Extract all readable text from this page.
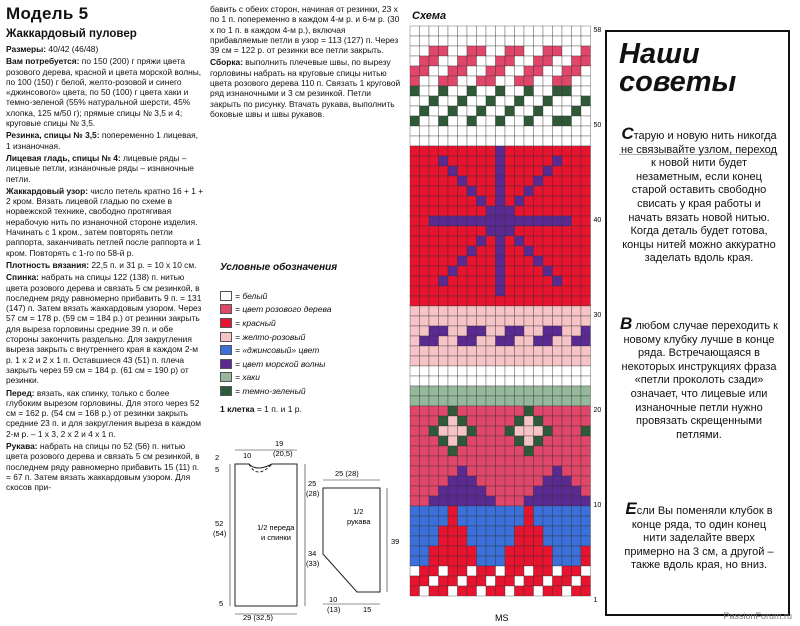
Модель 5
Жаккардовый пуловер

Размеры: 40/42 (46/48)

Вам потребуется: по 150 (200) г пряжи цвета розового дерева, красной и цвета морской волны, по 100 (150) г белой, желто-розовой и синего «джинсового» цвета, по 50 (100) г цвета хаки и темно-зеленой (55% натуральной шерсти, 45% хлопка, 125 м/50 г); прямые спицы № 3,5 и 4; круговые спицы № 3,5.

Резинка, спицы № 3,5: попеременно 1 лицевая, 1 изнаночная.

Лицевая гладь, спицы № 4: лицевые ряды – лицевые петли, изнаночные ряды – изнаночные петли.

Жаккардовый узор: число петель кратно 16 + 1 + 2 кром. Вязать лицевой гладью по схеме в норвежской технике, свободно протягивая нерабочую нить по изнаночной стороне изделия. Начинать с 1 кром., затем повторять петли раппорта, заканчивать петлей после раппорта и 1 кром. Повторять с 1-го по 58-й р.

Плотность вязания: 22,5 п. и 31 р. = 10 х 10 см.

Спинка: набрать на спицы 122 (138) п. нитью цвета розового дерева и связать 5 см резинкой, в последнем ряду равномерно прибавить 9 п. = 131 (147) п. Затем вязать жаккардовым узором. Через 57 см = 178 р. (59 см = 184 р.) от резинки закрыть для выреза горловины средние 39 п. и обе стороны закончить раздельно. Для закругления выреза закрыть с внутреннего края в каждом 2-м р. 1 х 2 и 2 х 1 п. Оставшиеся 43 (51) п. плеча закрыть через 59 см = 184 р. (61 см = 190 р) от резинки.

Перед: вязать, как спинку, только с более глубоким вырезом горловины. Для этого через 52 см = 162 р. (54 см = 168 р.) от резинки закрыть средние 23 п. и для закругления выреза в каждом 2-м р. – 1 х 3, 2 х 2 и 4 х 1 п.

Рукава: набрать на спицы по 52 (56) п. нитью цвета розового дерева и связать 5 см резинкой, в последнем ряду равномерно прибавить 15 (11) п. = 67 п. Затем вязать жаккардовым узором. Для скосов при-

бавить с обеих сторон, начиная от резинки, 23 х по 1 п. попеременно в каждом 4-м р. и 6-м р. (30 х по 1 п. в каждом 4-м р.), включая прибавляемые петли в узор = 113 (127) п. Через 39 см = 122 р. от резинки все петли закрыть.

Сборка: выполнить плечевые швы, по вырезу горловины набрать на круговые спицы нитью цвета розового дерева 110 п. Связать 1 круговой ряд изнаночными и 3 см резинкой. Петли закрыть по рисунку. Втачать рукава, выполнить боковые швы и швы рукавов.

Условные обозначения
= белый
= цвет розового дерева
= красный
= желто-розовый
= «джинсовый» цвет
= цвет морской волны
= хаки
= темно-зеленый
1 клетка = 1 п. и 1 р.
1/2 переда
и спинки
1/2
рукава
2
5
10
19
(20,5)
25
(28)
52
(54)
34
(33)
5
29 (32,5)
25 (28)
39
10
(13)	15
Схема
58
50
40
30
20
10
1
MS
Наши
советы
Старую и новую нить никогда не связывайте узлом, переход к новой нити будет незаметным, если конец старой оставить свободно свисать у края работы и начать вязать новой нитью. Когда деталь будет готова, концы нитей можно аккуратно заделать вдоль края.
В любом случае переходить к новому клубку лучше в конце ряда. Встречающаяся в некоторых инструкциях фраза «петли проколоть сзади» означает, что лицевые или изнаночные петли нужно провязать скрещенными петлями.
Если Вы поменяли клубок в конце ряда, то один конец нити заделайте вверх примерно на 3 см, а другой – также вдоль края, но вниз.
PassionForum.ru
